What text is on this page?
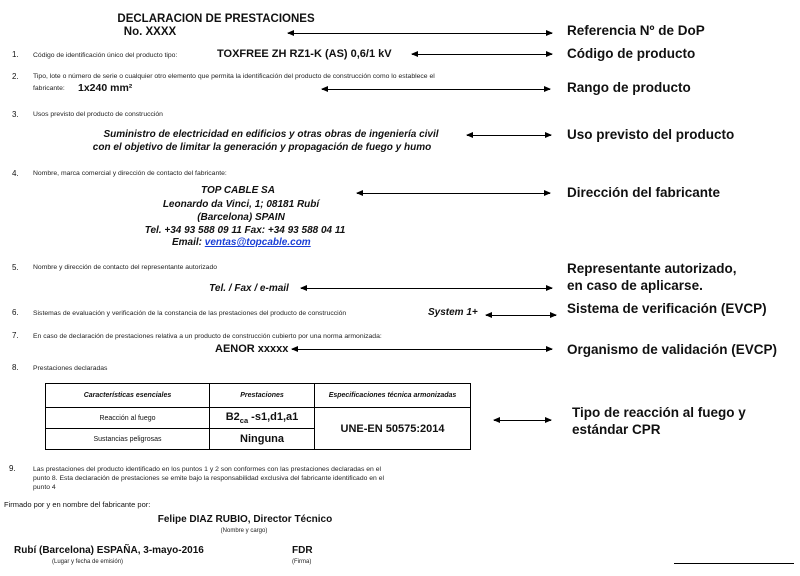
DECLARACION DE PRESTACIONES
No. XXXX
1. Código de identificación único del producto tipo:	TOXFREE ZH RZ1-K (AS) 0,6/1 kV
2. Tipo, lote o número de serie o cualquier otro elemento que permita la identificación del producto de construcción como lo establece el
fabricante: 1x240 mm²
3. Usos previsto del producto de construcción
Suministro de electricidad en edificios y otras obras de ingeniería civil
con el objetivo de limitar la generación y propagación de fuego y humo
4. Nombre, marca comercial y dirección de contacto del fabricante:
TOP CABLE SA
Leonardo da Vinci, 1; 08181 Rubí
(Barcelona) SPAIN
Tel. +34 93 588 09 11 Fax: +34 93 588 04 11
Email: ventas@topcable.com
5. Nombre y dirección de contacto del representante autorizado
Tel. / Fax / e-mail
6. Sistemas de evaluación y verificación de la constancia de las prestaciones del producto de construcción	System 1+
7. En caso de declaración de prestaciones relativa a un producto de construcción cubierto por una norma armonizada:
AENOR xxxxx
8. Prestaciones declaradas
Características esenciales	Prestaciones	Especificaciones técnica armonizadas
Reacción al fuego	$B2_{ca}$ -s1,d1,a1	UNE-EN 50575:2014
Sustancias peligrosas	Ninguna	
9.	Las prestaciones del producto identificado en los puntos 1 y 2 son conformes con las prestaciones declaradas en el
punto 8. Esta declaración de prestaciones se emite bajo la responsabilidad exclusiva del fabricante identificado en el
punto 4
Firmado por y en nombre del fabricante por:
Felipe DIAZ RUBIO, Director Técnico
(Nombre y cargo)
Rubí (Barcelona) ESPAÑA, 3-mayo-2016
(Lugar y fecha de emisión)
FDR
(Firma)
Referencia Nº de DoP
Código de producto
Rango de producto
Uso previsto del producto
Dirección del fabricante
Representante autorizado,
en caso de aplicarse.
Sistema de verificación (EVCP)
Organismo de validación (EVCP)
Tipo de reacción al fuego y
estándar CPR
